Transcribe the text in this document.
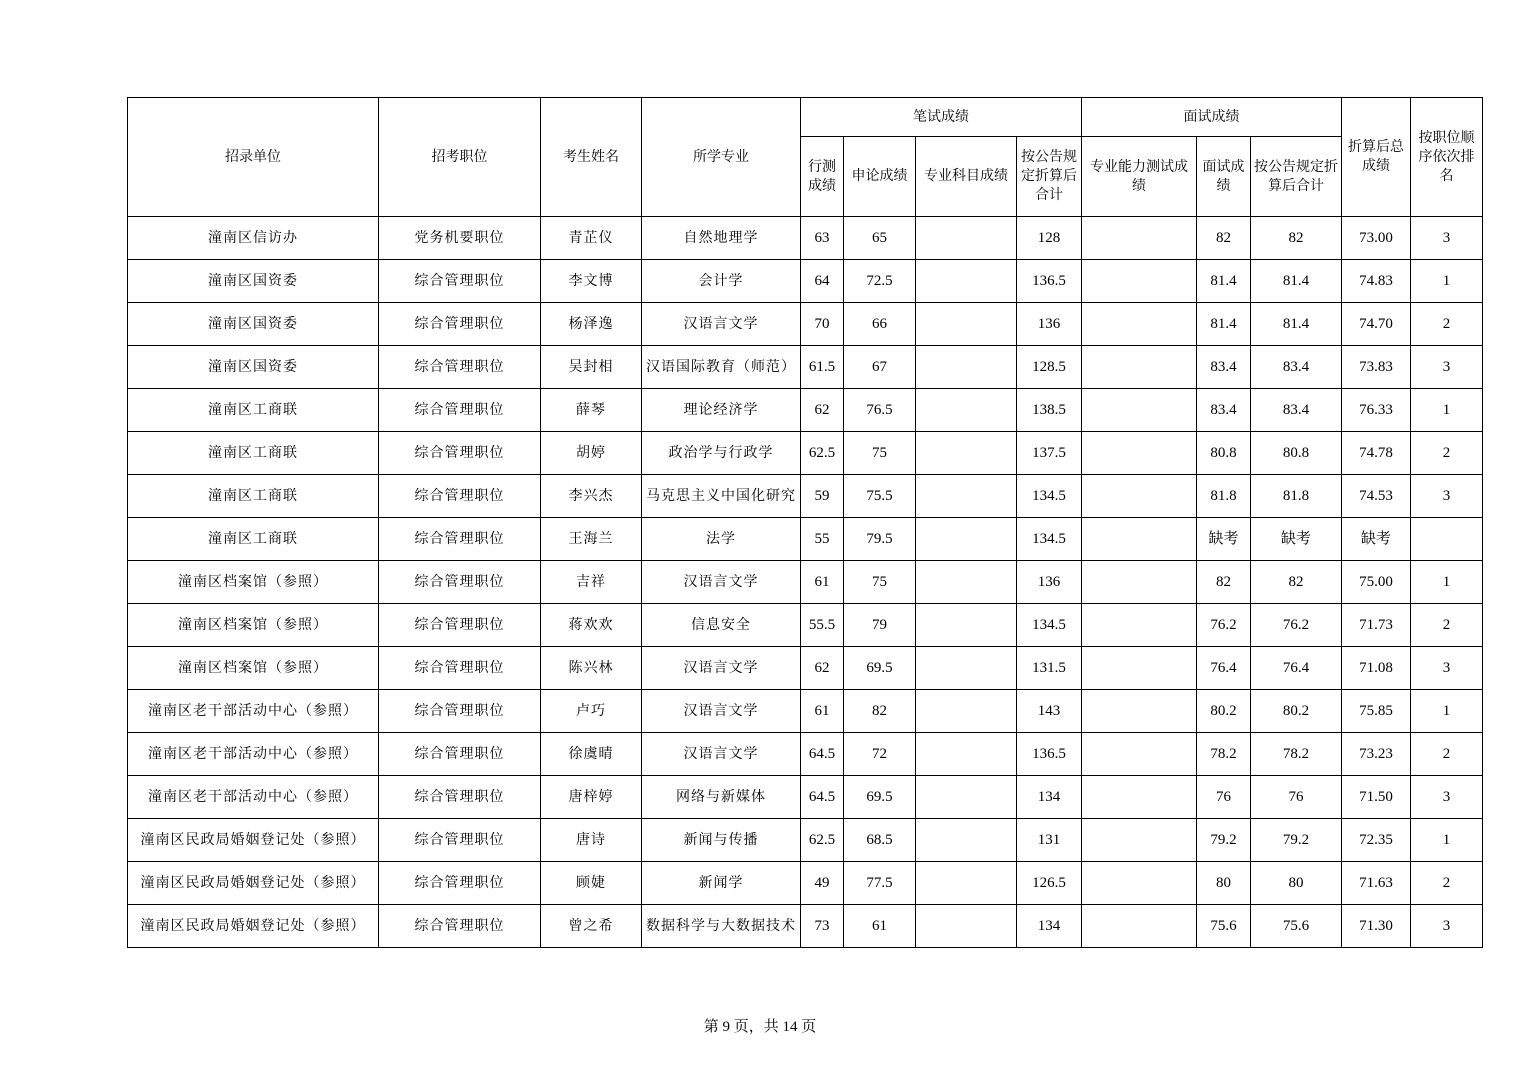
招录单位	招考职位	考生姓名	所学专业	笔试成绩				面试成绩			折算后总成绩	按职位顺序依次排名
				行测成绩	申论成绩	专业科目成绩	按公告规定折算后合计	专业能力测试成绩	面试成绩	按公告规定折算后合计		
潼南区信访办	党务机要职位	青芷仪	自然地理学	63	65		128		82	82	73.00	3
潼南区国资委	综合管理职位	李文博	会计学	64	72.5		136.5		81.4	81.4	74.83	1
潼南区国资委	综合管理职位	杨泽逸	汉语言文学	70	66		136		81.4	81.4	74.70	2
潼南区国资委	综合管理职位	吴封相	汉语国际教育（师范）	61.5	67		128.5		83.4	83.4	73.83	3
潼南区工商联	综合管理职位	薛琴	理论经济学	62	76.5		138.5		83.4	83.4	76.33	1
潼南区工商联	综合管理职位	胡婷	政治学与行政学	62.5	75		137.5		80.8	80.8	74.78	2
潼南区工商联	综合管理职位	李兴杰	马克思主义中国化研究	59	75.5		134.5		81.8	81.8	74.53	3
潼南区工商联	综合管理职位	王海兰	法学	55	79.5		134.5		缺考	缺考	缺考	
潼南区档案馆（参照）	综合管理职位	吉祥	汉语言文学	61	75		136		82	82	75.00	1
潼南区档案馆（参照）	综合管理职位	蒋欢欢	信息安全	55.5	79		134.5		76.2	76.2	71.73	2
潼南区档案馆（参照）	综合管理职位	陈兴林	汉语言文学	62	69.5		131.5		76.4	76.4	71.08	3
潼南区老干部活动中心（参照）	综合管理职位	卢巧	汉语言文学	61	82		143		80.2	80.2	75.85	1
潼南区老干部活动中心（参照）	综合管理职位	徐虞晴	汉语言文学	64.5	72		136.5		78.2	78.2	73.23	2
潼南区老干部活动中心（参照）	综合管理职位	唐梓婷	网络与新媒体	64.5	69.5		134		76	76	71.50	3
潼南区民政局婚姻登记处（参照）	综合管理职位	唐诗	新闻与传播	62.5	68.5		131		79.2	79.2	72.35	1
潼南区民政局婚姻登记处（参照）	综合管理职位	顾婕	新闻学	49	77.5		126.5		80	80	71.63	2
潼南区民政局婚姻登记处（参照）	综合管理职位	曾之希	数据科学与大数据技术	73	61		134		75.6	75.6	71.30	3
第 9 页，共 14 页
